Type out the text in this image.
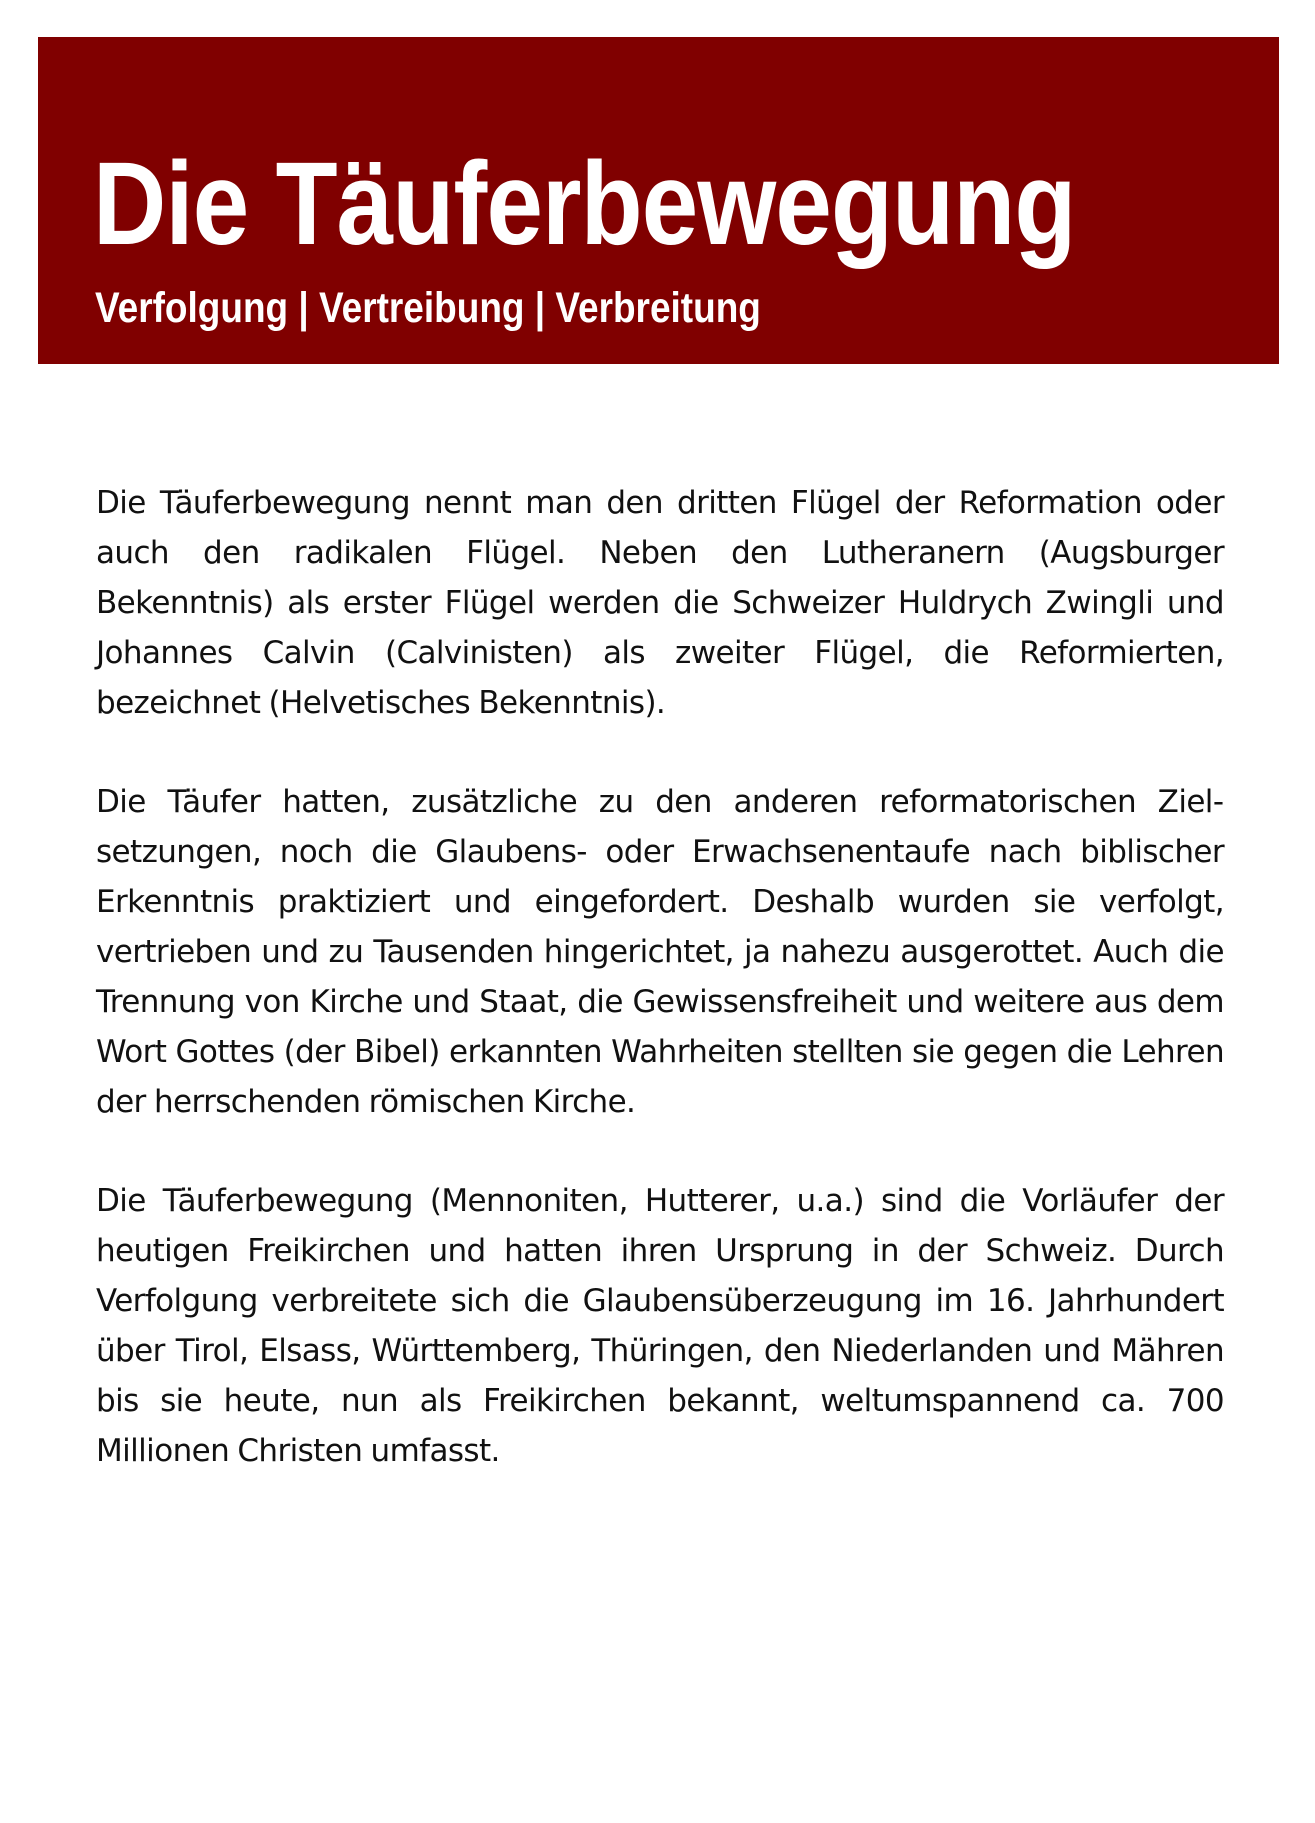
Die Täuferbewegung
Verfolgung | Vertreibung | Verbreitung

Die Täuferbewegung nennt man den dritten Flügel der Reformation oder auch den radikalen Flügel. Neben den Lutheranern (Augsburger Bekenntnis) als erster Flügel werden die Schweizer Huldrych Zwingli und Johannes Calvin (Calvinisten) als zweiter Flügel, die Reformierten, bezeichnet (Helvetisches Bekenntnis).

Die Täufer hatten, zusätzliche zu den anderen reformatorischen Zielsetzungen, noch die Glaubens- oder Erwachsenentaufe nach biblischer Erkenntnis praktiziert und eingefordert. Deshalb wurden sie verfolgt, vertrieben und zu Tausenden hingerichtet, ja nahezu ausgerottet. Auch die Trennung von Kirche und Staat, die Gewissensfreiheit und weitere aus dem Wort Gottes (der Bibel) erkannten Wahrheiten stellten sie gegen die Lehren der herrschenden römischen Kirche.

Die Täuferbewegung (Mennoniten, Hutterer, u.a.) sind die Vorläufer der heutigen Freikirchen und hatten ihren Ursprung in der Schweiz. Durch Verfolgung verbreitete sich die Glaubensüberzeugung im 16. Jahrhundert über Tirol, Elsass, Württemberg, Thüringen, den Niederlanden und Mähren bis sie heute, nun als Freikirchen bekannt, weltumspannend ca. 700 Millionen Christen umfasst.
